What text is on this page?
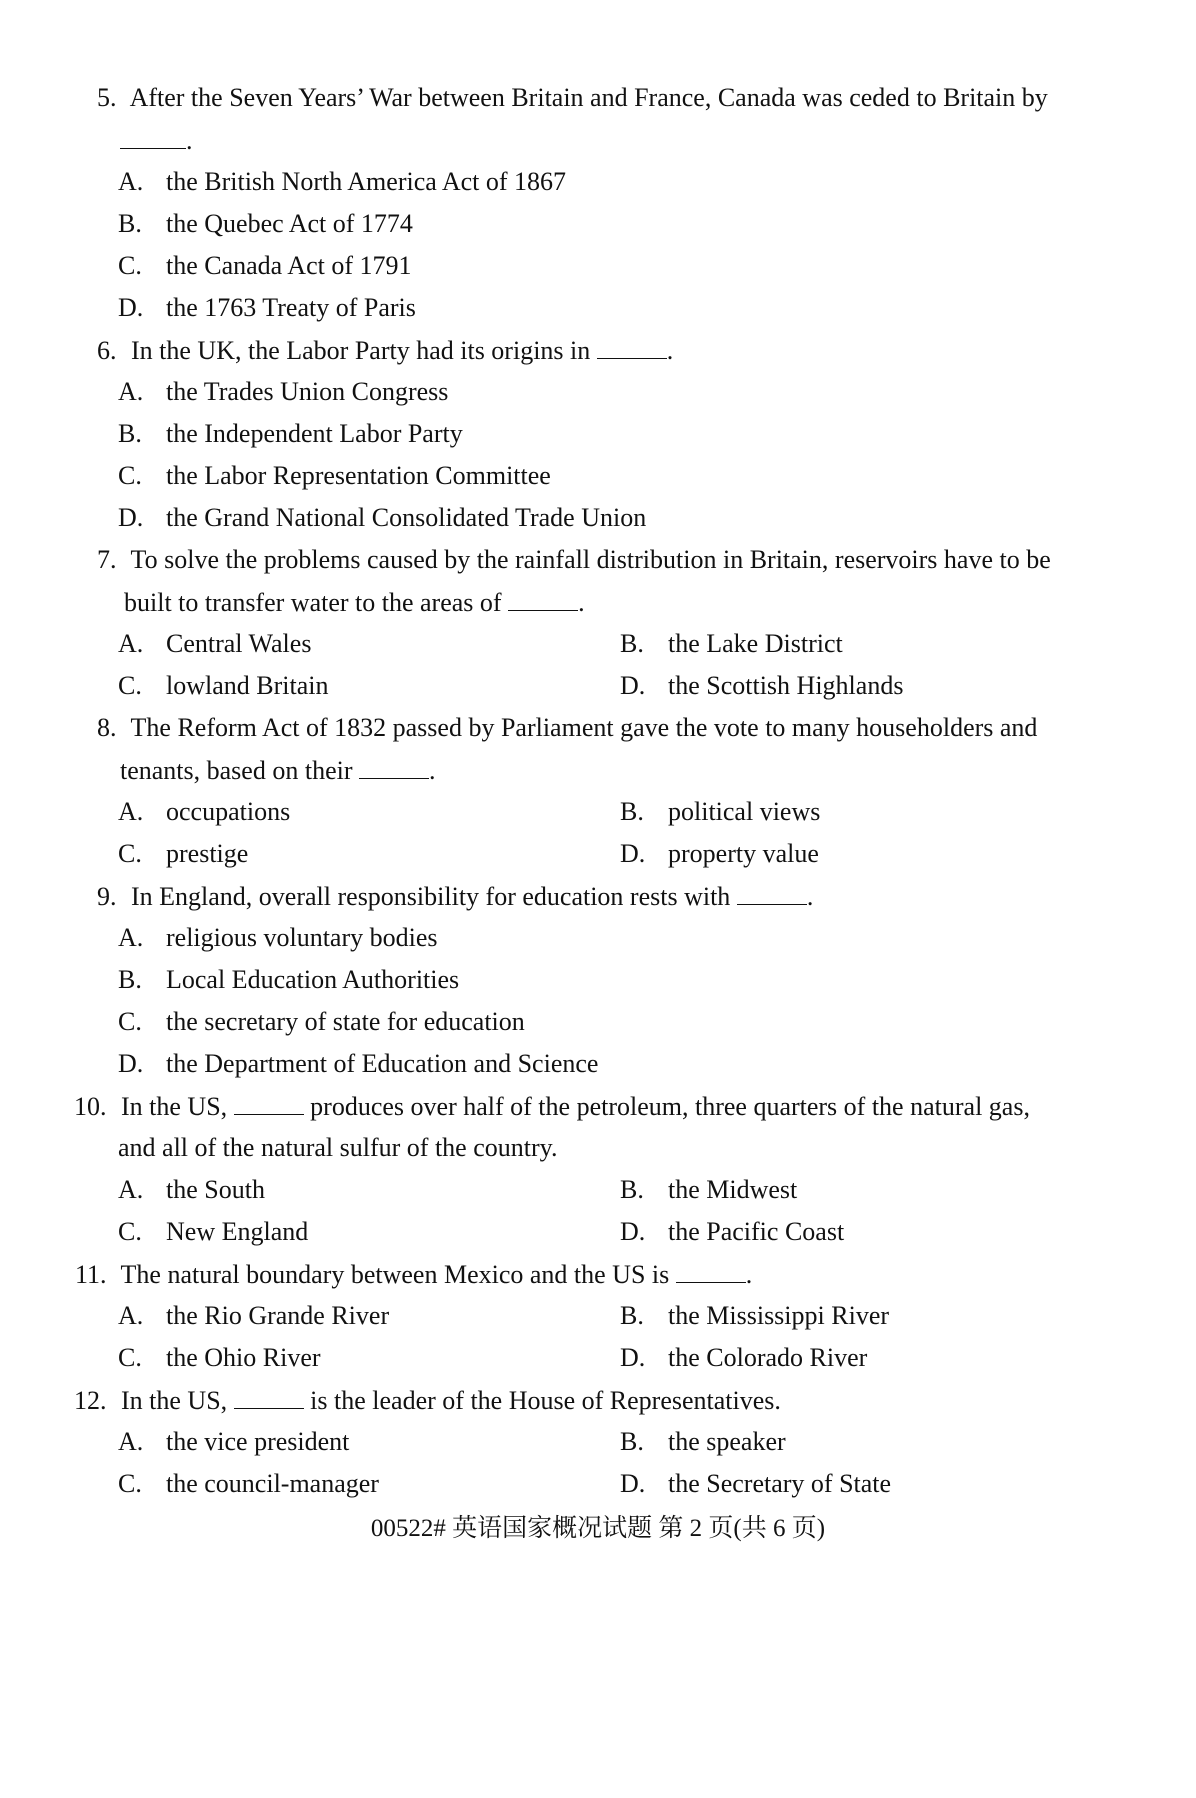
5. After the Seven Years’ War between Britain and France, Canada was ceded to Britain by
.
A. the British North America Act of 1867
B. the Quebec Act of 1774
C. the Canada Act of 1791
D. the 1763 Treaty of Paris
6. In the UK, the Labor Party had its origins in	.
A. the Trades Union Congress
B. the Independent Labor Party
C. the Labor Representation Committee
D. the Grand National Consolidated Trade Union
7. To solve the problems caused by the rainfall distribution in Britain, reservoirs have to be
built to transfer water to the areas of	.
A. Central Wales	B. the Lake District
C. lowland Britain	D. the Scottish Highlands
8. The Reform Act of 1832 passed by Parliament gave the vote to many householders and
tenants, based on their	.
A. occupations	B. political views
C. prestige	D. property value
9. In England, overall responsibility for education rests with	.
A. religious voluntary bodies
B. Local Education Authorities
C. the secretary of state for education
D. the Department of Education and Science
10. In the US,	produces over half of the petroleum, three quarters of the natural gas,
and all of the natural sulfur of the country.
A. the South	B. the Midwest
C. New England	D. the Pacific Coast
11. The natural boundary between Mexico and the US is	.
A. the Rio Grande River	B. the Mississippi River
C. the Ohio River	D. the Colorado River
12. In the US,	is the leader of the House of Representatives.
A. the vice president	B. the speaker
C. the council-manager	D. the Secretary of State
00522# 英语国家概况试题 第 2 页(共 6 页)
